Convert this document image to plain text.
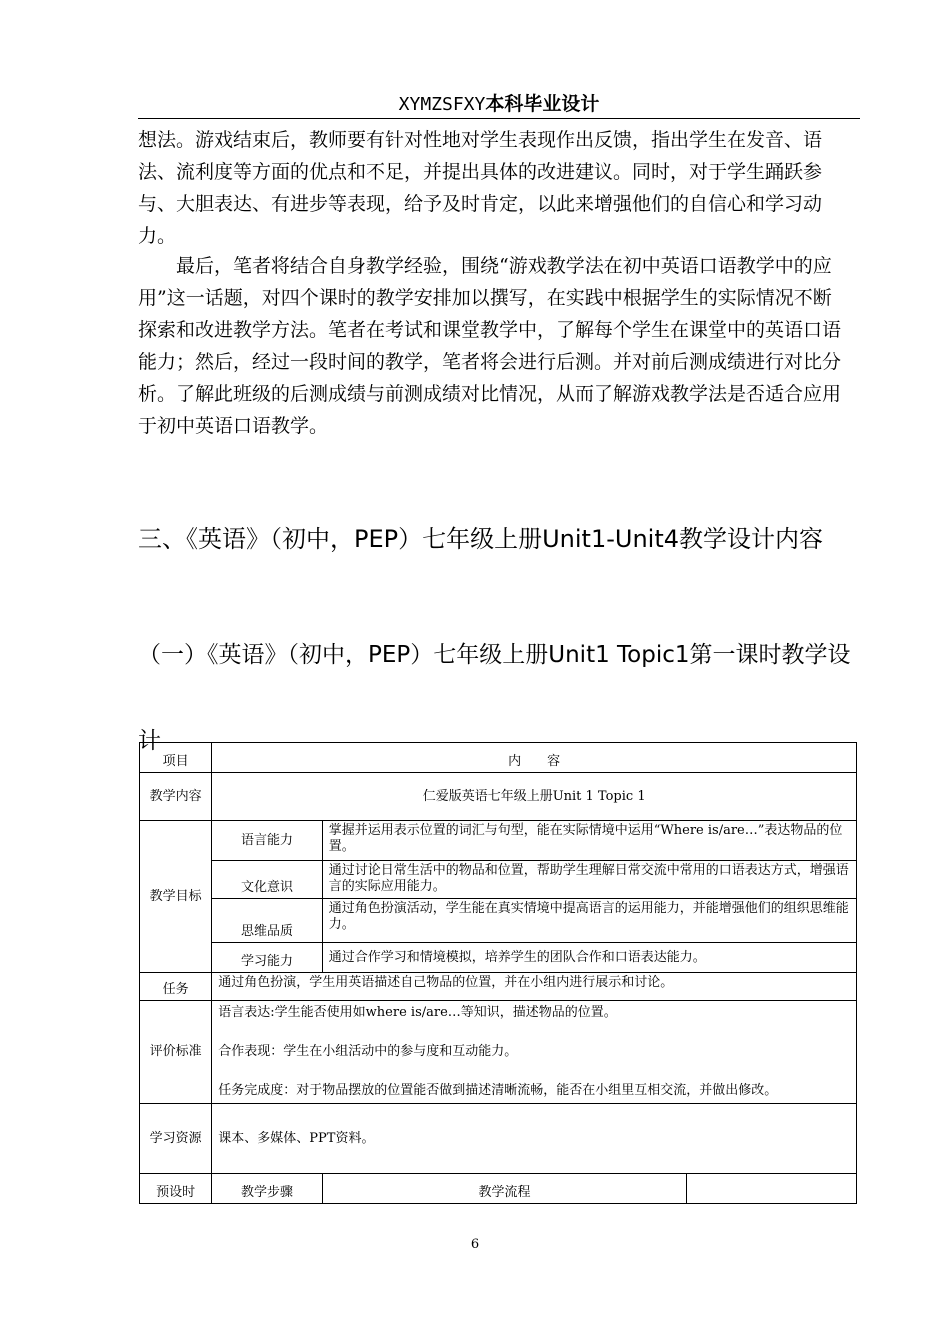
XYMZSFXY本科毕业设计

想法。游戏结束后，教师要有针对性地对学生表现作出反馈，指出学生在发音、语法、流利度等方面的优点和不足，并提出具体的改进建议。同时，对于学生踊跃参与、大胆表达、有进步等表现，给予及时肯定，以此来增强他们的自信心和学习动力。

最后，笔者将结合自身教学经验，围绕“游戏教学法在初中英语口语教学中的应用”这一话题，对四个课时的教学安排加以撰写，在实践中根据学生的实际情况不断探索和改进教学方法。笔者在考试和课堂教学中，了解每个学生在课堂中的英语口语能力；然后，经过一段时间的教学，笔者将会进行后测。并对前后测成绩进行对比分析。了解此班级的后测成绩与前测成绩对比情况，从而了解游戏教学法是否适合应用于初中英语口语教学。

三、《英语》（初中，PEP）七年级上册Unit1-Unit4教学设计内容
（一）《英语》（初中，PEP）七年级上册Unit1 Topic1第一课时教学设计
项目	内　　容		
教学内容	仁爱版英语七年级上册Unit 1 Topic 1		
教学目标	语言能力	掌握并运用表示位置的词汇与句型，能在实际情境中运用“Where is/are…”表达物品的位置。	
	文化意识	通过讨论日常生活中的物品和位置，帮助学生理解日常交流中常用的口语表达方式，增强语言的实际应用能力。	
	思维品质	通过角色扮演活动，学生能在真实情境中提高语言的运用能力，并能增强他们的组织思维能力。	
	学习能力	通过合作学习和情境模拟，培养学生的团队合作和口语表达能力。	
任务	通过角色扮演，学生用英语描述自己物品的位置，并在小组内进行展示和讨论。		
评价标准	语言表达:学生能否使用如where is/are…等知识，描述物品的位置。

合作表现：学生在小组活动中的参与度和互动能力。

任务完成度：对于物品摆放的位置能否做到描述清晰流畅，能否在小组里互相交流，并做出修改。		

学习资源	课本、多媒体、PPT资料。		
预设时	教学步骤	教学流程	
6
